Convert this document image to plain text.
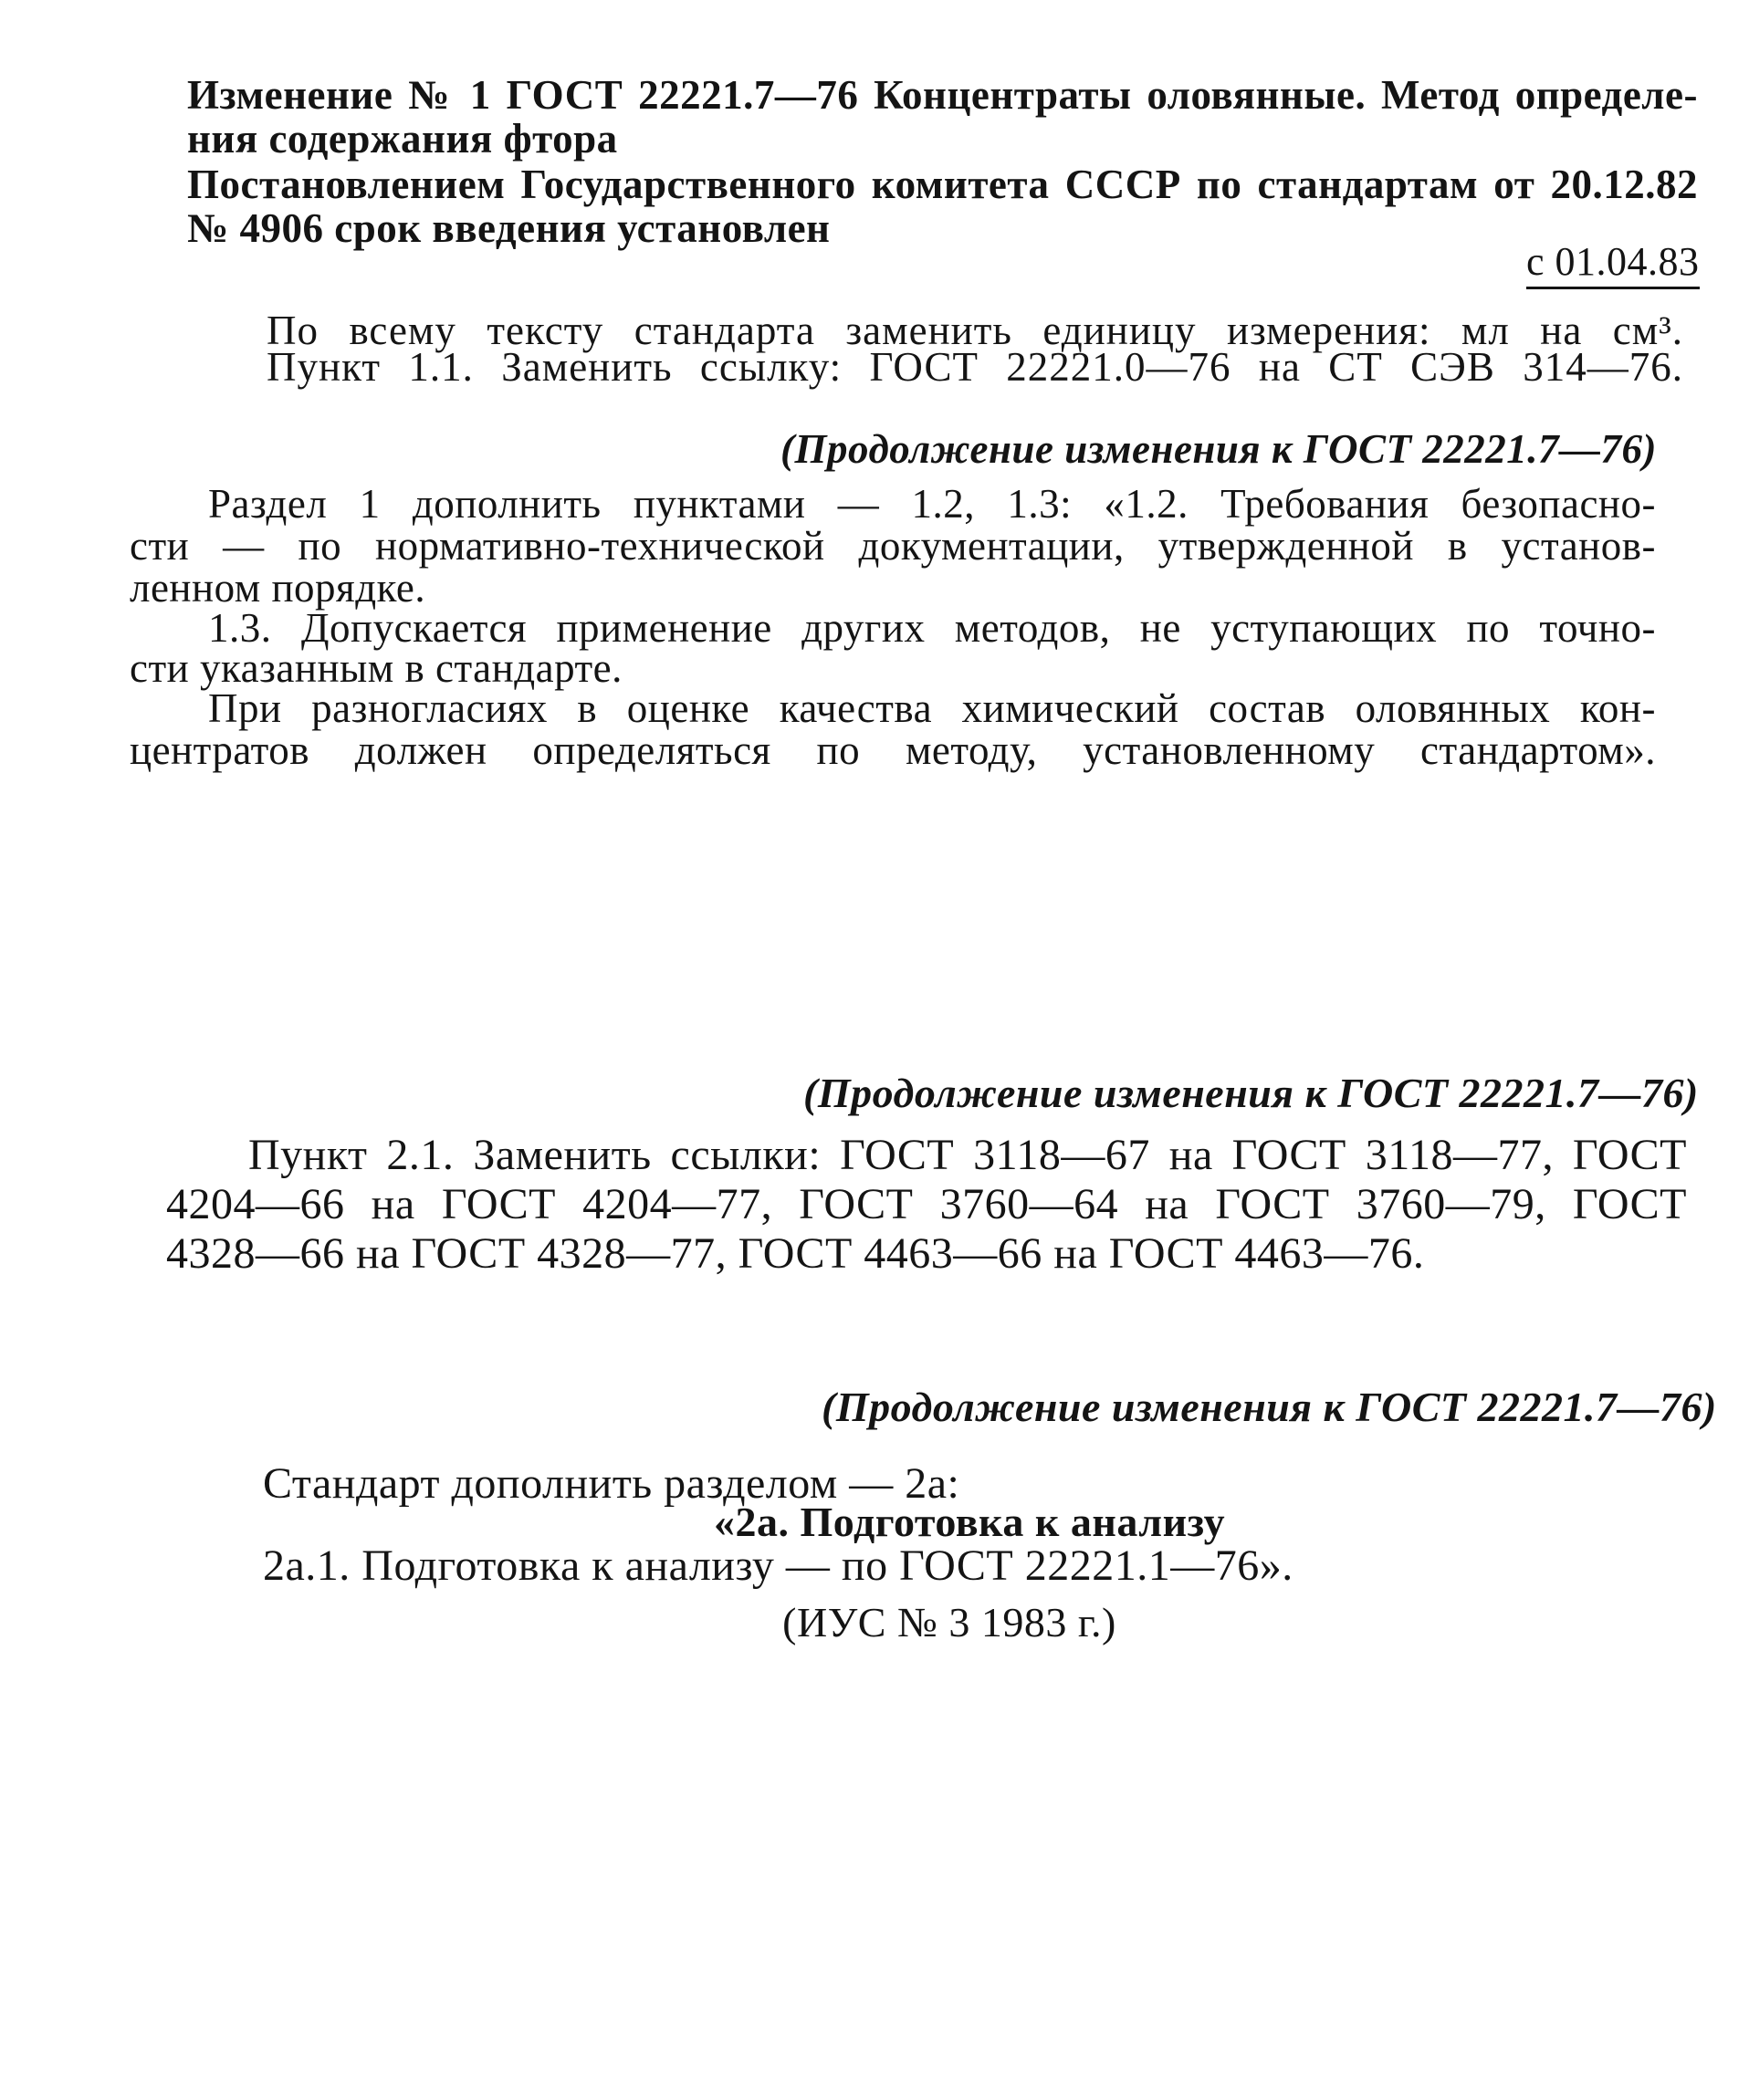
Изменение № 1 ГОСТ 22221.7—76 Концентраты оловянные. Метод определе-
ния содержания фтора
Постановлением Государственного комитета СССР по стандартам от 20.12.82
№ 4906 срок введения установлен
с 01.04.83
По всему тексту стандарта заменить единицу измерения: мл на см³.
Пункт 1.1. Заменить ссылку: ГОСТ 22221.0—76 на СТ СЭВ 314—76.
(Продолжение изменения к ГОСТ 22221.7—76)
Раздел 1 дополнить пунктами — 1.2, 1.3: «1.2. Требования безопасно-
сти — по нормативно-технической документации, утвержденной в установ-
ленном порядке.
1.3. Допускается применение других методов, не уступающих по точно-
сти указанным в стандарте.
При разногласиях в оценке качества химический состав оловянных кон-
центратов должен определяться по методу, установленному стандартом».
(Продолжение изменения к ГОСТ 22221.7—76)
Пункт 2.1. Заменить ссылки: ГОСТ 3118—67 на ГОСТ 3118—77, ГОСТ
4204—66 на ГОСТ 4204—77, ГОСТ 3760—64 на ГОСТ 3760—79, ГОСТ
4328—66 на ГОСТ 4328—77, ГОСТ 4463—66 на ГОСТ 4463—76.
(Продолжение изменения к ГОСТ 22221.7—76)
Стандарт дополнить разделом — 2а:
«2а. Подготовка к анализу
2а.1. Подготовка к анализу — по ГОСТ 22221.1—76».
(ИУС № 3 1983 г.)
